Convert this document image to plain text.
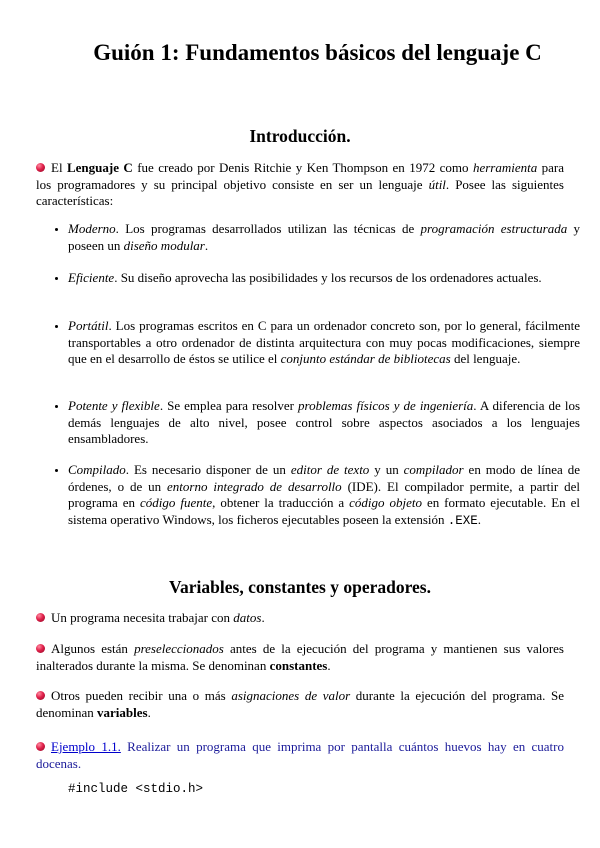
Guión 1: Fundamentos básicos del lenguaje C
Introducción.

El Lenguaje C fue creado por Denis Ritchie y Ken Thompson en 1972 como herramienta para los programadores y su principal objetivo consiste en ser un lenguaje útil. Posee las siguientes características:

• Moderno. Los programas desarrollados utilizan las técnicas de programación estructurada y poseen un diseño modular.
• Eficiente. Su diseño aprovecha las posibilidades y los recursos de los ordenadores actuales.
• Portátil. Los programas escritos en C para un ordenador concreto son, por lo general, fácilmente transportables a otro ordenador de distinta arquitectura con muy pocas modificaciones, siempre que en el desarrollo de éstos se utilice el conjunto estándar de bibliotecas del lenguaje.
• Potente y flexible. Se emplea para resolver problemas físicos y de ingeniería. A diferencia de los demás lenguajes de alto nivel, posee control sobre aspectos asociados a los lenguajes ensambladores.
• Compilado. Es necesario disponer de un editor de texto y un compilador en modo de línea de órdenes, o de un entorno integrado de desarrollo (IDE). El compilador permite, a partir del programa en código fuente, obtener la traducción a código objeto en formato ejecutable. En el sistema operativo Windows, los ficheros ejecutables poseen la extensión .EXE.
Variables, constantes y operadores.

Un programa necesita trabajar con datos.

Algunos están preseleccionados antes de la ejecución del programa y mantienen sus valores inalterados durante la misma. Se denominan constantes.

Otros pueden recibir una o más asignaciones de valor durante la ejecución del programa. Se denominan variables.

Ejemplo 1.1. Realizar un programa que imprima por pantalla cuántos huevos hay en cuatro docenas.

#include <stdio.h>
